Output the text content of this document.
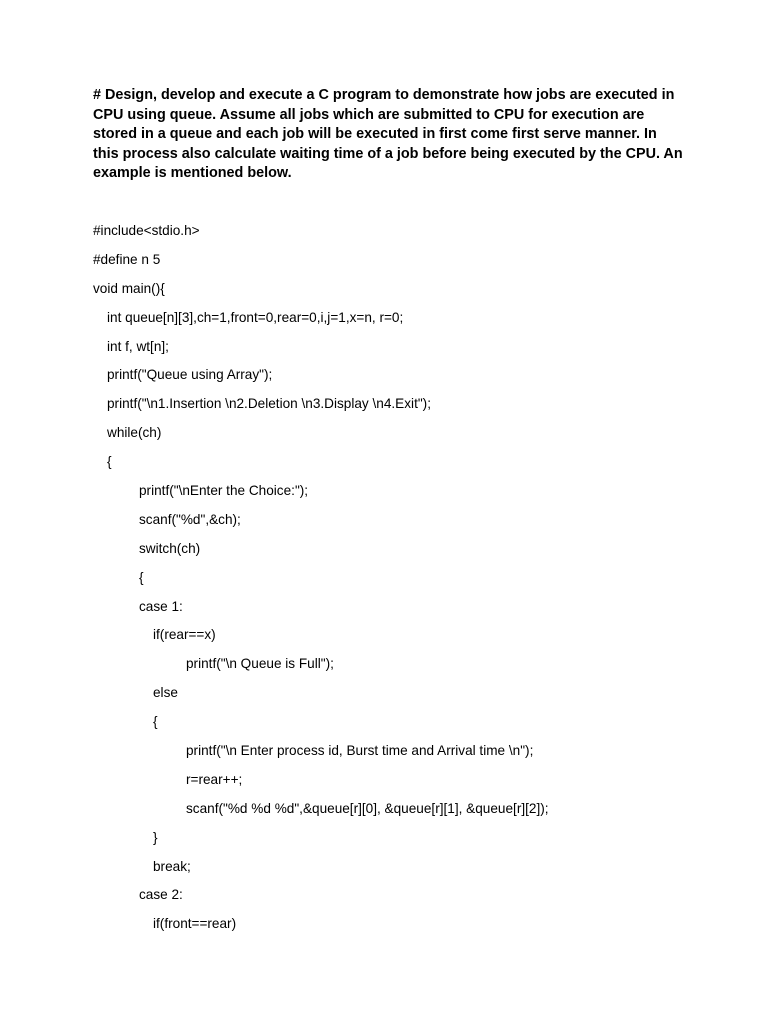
# Design, develop and execute a C program to demonstrate how jobs are executed in CPU using queue. Assume all jobs which are submitted to CPU for execution are stored in a queue and each job will be executed in first come first serve manner. In this process also calculate waiting time of a job before being executed by the CPU. An example is mentioned below.

#include<stdio.h>
#define n 5
void main(){
int queue[n][3],ch=1,front=0,rear=0,i,j=1,x=n, r=0;
int f, wt[n];
printf("Queue using Array");
printf("\n1.Insertion \n2.Deletion \n3.Display \n4.Exit");
while(ch)
{
printf("\nEnter the Choice:");
scanf("%d",&ch);
switch(ch)
{
case 1:
if(rear==x)
printf("\n Queue is Full");
else
{
printf("\n Enter process id, Burst time and Arrival time \n");
r=rear++;
scanf("%d %d %d",&queue[r][0], &queue[r][1], &queue[r][2]);
}
break;
case 2:
if(front==rear)
